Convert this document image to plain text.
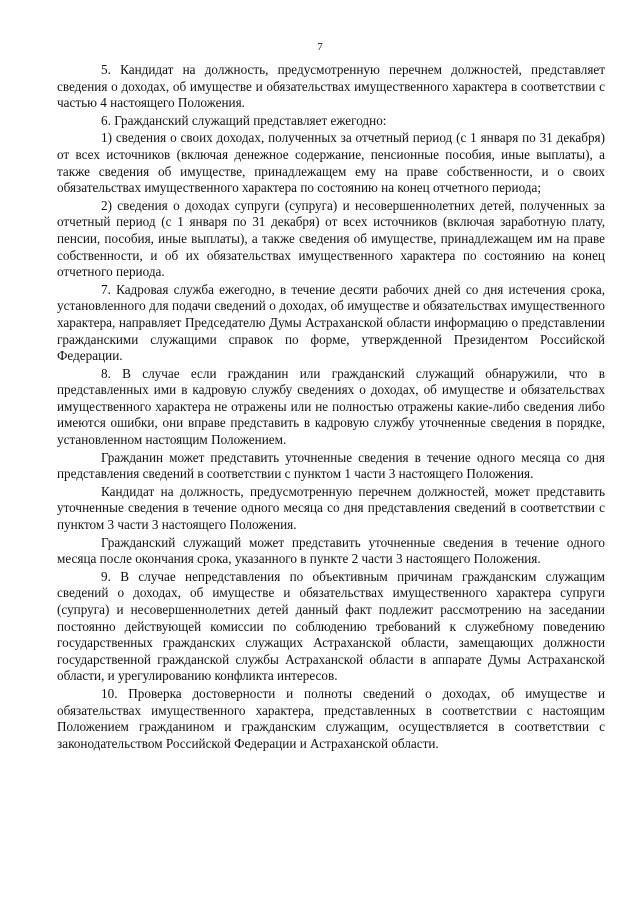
7

5. Кандидат на должность, предусмотренную перечнем должностей, представляет сведения о доходах, об имуществе и обязательствах имущественного характера в соответствии с частью 4 настоящего Положения.

6. Гражданский служащий представляет ежегодно:

1) сведения о своих доходах, полученных за отчетный период (с 1 января по 31 декабря) от всех источников (включая денежное содержание, пенсионные пособия, иные выплаты), а также сведения об имуществе, принадлежащем ему на праве собственности, и о своих обязательствах имущественного характера по состоянию на конец отчетного периода;

2) сведения о доходах супруги (супруга) и несовершеннолетних детей, полученных за отчетный период (с 1 января по 31 декабря) от всех источников (включая заработную плату, пенсии, пособия, иные выплаты), а также сведения об имуществе, принадлежащем им на праве собственности, и об их обязательствах имущественного характера по состоянию на конец отчетного периода.

7. Кадровая служба ежегодно, в течение десяти рабочих дней со дня истечения срока, установленного для подачи сведений о доходах, об имуществе и обязательствах имущественного характера, направляет Председателю Думы Астраханской области информацию о представлении гражданскими служащими справок по форме, утвержденной Президентом Российской Федерации.

8. В случае если гражданин или гражданский служащий обнаружили, что в представленных ими в кадровую службу сведениях о доходах, об имуществе и обязательствах имущественного характера не отражены или не полностью отражены какие-либо сведения либо имеются ошибки, они вправе представить в кадровую службу уточненные сведения в порядке, установленном настоящим Положением.

Гражданин может представить уточненные сведения в течение одного месяца со дня представления сведений в соответствии с пунктом 1 части 3 настоящего Положения.

Кандидат на должность, предусмотренную перечнем должностей, может представить уточненные сведения в течение одного месяца со дня представления сведений в соответствии с пунктом 3 части 3 настоящего Положения.

Гражданский служащий может представить уточненные сведения в течение одного месяца после окончания срока, указанного в пункте 2 части 3 настоящего Положения.

9. В случае непредставления по объективным причинам гражданским служащим сведений о доходах, об имуществе и обязательствах имущественного характера супруги (супруга) и несовершеннолетних детей данный факт подлежит рассмотрению на заседании постоянно действующей комиссии по соблюдению требований к служебному поведению государственных гражданских служащих Астраханской области, замещающих должности государственной гражданской службы Астраханской области в аппарате Думы Астраханской области, и урегулированию конфликта интересов.

10. Проверка достоверности и полноты сведений о доходах, об имуществе и обязательствах имущественного характера, представленных в соответствии с настоящим Положением гражданином и гражданским служащим, осуществляется в соответствии с законодательством Российской Федерации и Астраханской области.
